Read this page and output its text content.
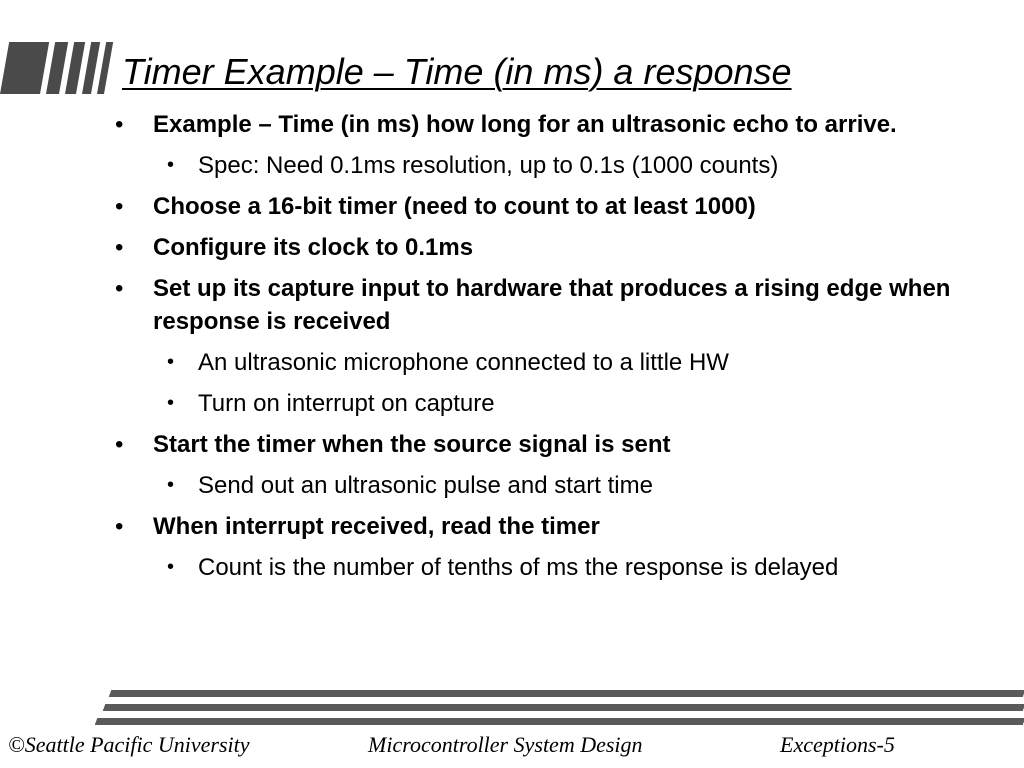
Timer Example – Time (in ms) a response
• Example – Time (in ms) how long for an ultrasonic echo to arrive.
• Spec: Need 0.1ms resolution, up to 0.1s (1000 counts)
• Choose a 16-bit timer (need to count to at least 1000)
• Configure its clock to 0.1ms
• Set up its capture input to hardware that produces a rising edge when response is received
• An ultrasonic microphone connected to a little HW
• Turn on interrupt on capture
• Start the timer when the source signal is sent
• Send out an ultrasonic pulse and start time
• When interrupt received, read the timer
• Count is the number of tenths of ms the response is delayed
©Seattle Pacific University	Microcontroller System Design	Exceptions-5
